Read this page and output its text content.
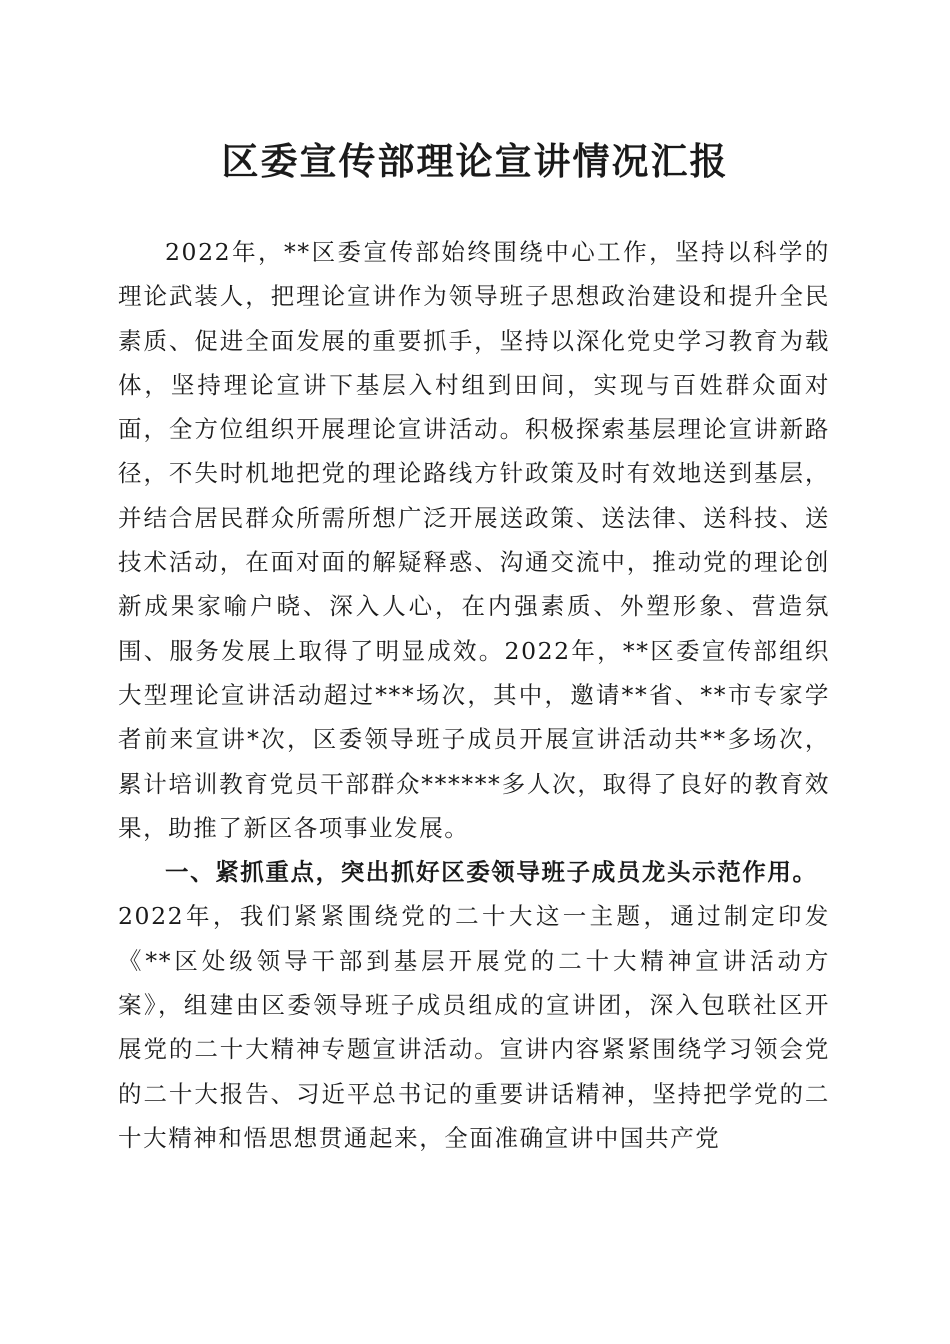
区委宣传部理论宣讲情况汇报

2022年，**区委宣传部始终围绕中心工作，坚持以科学的理论武装人，把理论宣讲作为领导班子思想政治建设和提升全民素质、促进全面发展的重要抓手，坚持以深化党史学习教育为载体，坚持理论宣讲下基层入村组到田间，实现与百姓群众面对面，全方位组织开展理论宣讲活动。积极探索基层理论宣讲新路径，不失时机地把党的理论路线方针政策及时有效地送到基层，并结合居民群众所需所想广泛开展送政策、送法律、送科技、送技术活动，在面对面的解疑释惑、沟通交流中，推动党的理论创新成果家喻户晓、深入人心，在内强素质、外塑形象、营造氛围、服务发展上取得了明显成效。2022年，**区委宣传部组织大型理论宣讲活动超过***场次，其中，邀请**省、**市专家学者前来宣讲*次，区委领导班子成员开展宣讲活动共**多场次，累计培训教育党员干部群众******多人次，取得了良好的教育效果，助推了新区各项事业发展。

一、紧抓重点，突出抓好区委领导班子成员龙头示范作用。

2022年，我们紧紧围绕党的二十大这一主题，通过制定印发《**区处级领导干部到基层开展党的二十大精神宣讲活动方案》，组建由区委领导班子成员组成的宣讲团，深入包联社区开展党的二十大精神专题宣讲活动。宣讲内容紧紧围绕学习领会党的二十大报告、习近平总书记的重要讲话精神，坚持把学党的二十大精神和悟思想贯通起来，全面准确宣讲中国共产党
